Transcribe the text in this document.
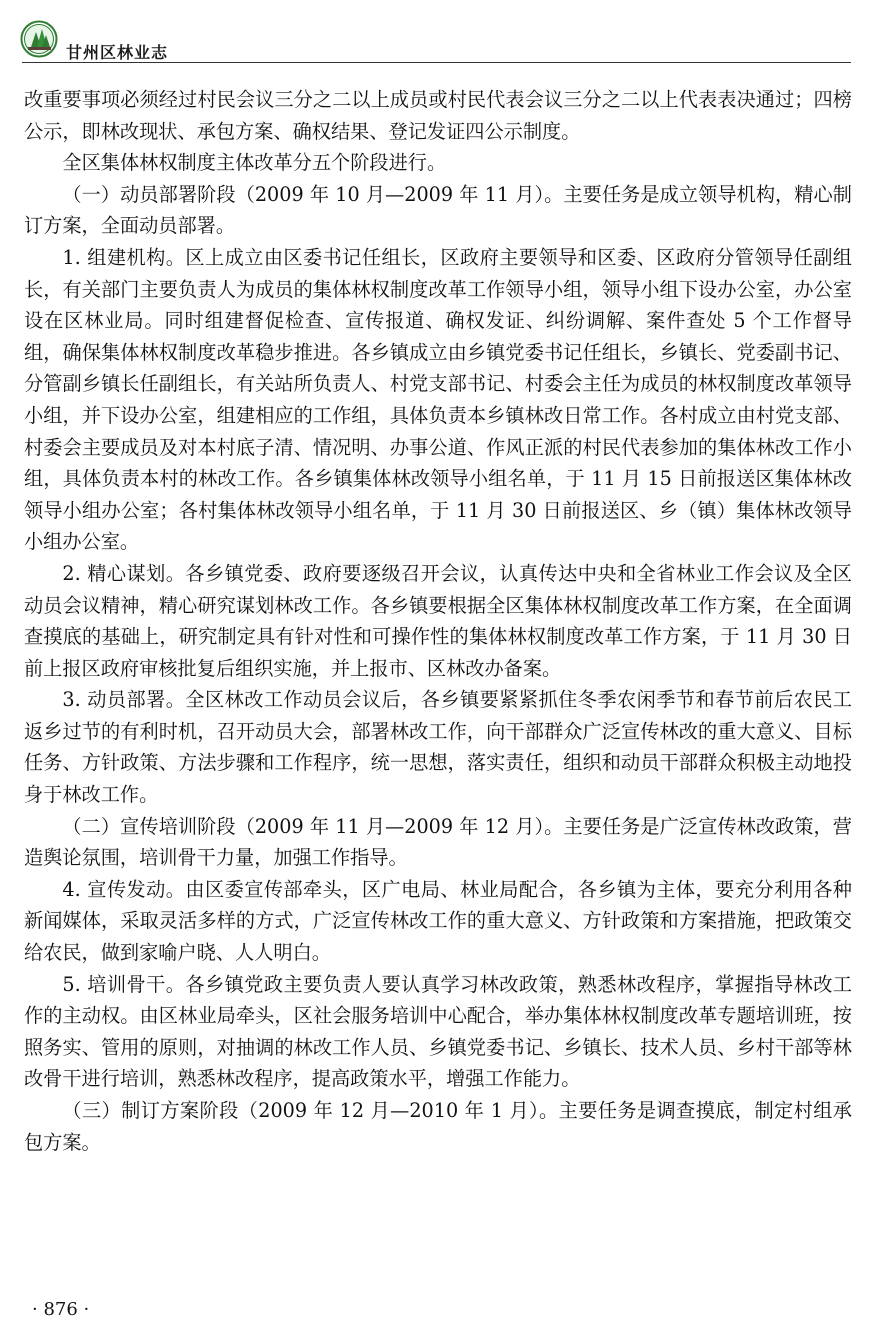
甘州区林业志

改重要事项必须经过村民会议三分之二以上成员或村民代表会议三分之二以上代表表决通过；四榜公示，即林改现状、承包方案、确权结果、登记发证四公示制度。

全区集体林权制度主体改革分五个阶段进行。

（一）动员部署阶段（2009 年 10 月—2009 年 11 月）。主要任务是成立领导机构，精心制订方案，全面动员部署。

1. 组建机构。区上成立由区委书记任组长，区政府主要领导和区委、区政府分管领导任副组长，有关部门主要负责人为成员的集体林权制度改革工作领导小组，领导小组下设办公室，办公室设在区林业局。同时组建督促检查、宣传报道、确权发证、纠纷调解、案件查处 5 个工作督导组，确保集体林权制度改革稳步推进。各乡镇成立由乡镇党委书记任组长，乡镇长、党委副书记、分管副乡镇长任副组长，有关站所负责人、村党支部书记、村委会主任为成员的林权制度改革领导小组，并下设办公室，组建相应的工作组，具体负责本乡镇林改日常工作。各村成立由村党支部、村委会主要成员及对本村底子清、情况明、办事公道、作风正派的村民代表参加的集体林改工作小组，具体负责本村的林改工作。各乡镇集体林改领导小组名单，于 11 月 15 日前报送区集体林改领导小组办公室；各村集体林改领导小组名单，于 11 月 30 日前报送区、乡（镇）集体林改领导小组办公室。

2. 精心谋划。各乡镇党委、政府要逐级召开会议，认真传达中央和全省林业工作会议及全区动员会议精神，精心研究谋划林改工作。各乡镇要根据全区集体林权制度改革工作方案，在全面调查摸底的基础上，研究制定具有针对性和可操作性的集体林权制度改革工作方案，于 11 月 30 日前上报区政府审核批复后组织实施，并上报市、区林改办备案。

3. 动员部署。全区林改工作动员会议后，各乡镇要紧紧抓住冬季农闲季节和春节前后农民工返乡过节的有利时机，召开动员大会，部署林改工作，向干部群众广泛宣传林改的重大意义、目标任务、方针政策、方法步骤和工作程序，统一思想，落实责任，组织和动员干部群众积极主动地投身于林改工作。

（二）宣传培训阶段（2009 年 11 月—2009 年 12 月）。主要任务是广泛宣传林改政策，营造舆论氛围，培训骨干力量，加强工作指导。

4. 宣传发动。由区委宣传部牵头，区广电局、林业局配合，各乡镇为主体，要充分利用各种新闻媒体，采取灵活多样的方式，广泛宣传林改工作的重大意义、方针政策和方案措施，把政策交给农民，做到家喻户晓、人人明白。

5. 培训骨干。各乡镇党政主要负责人要认真学习林改政策，熟悉林改程序，掌握指导林改工作的主动权。由区林业局牵头，区社会服务培训中心配合，举办集体林权制度改革专题培训班，按照务实、管用的原则，对抽调的林改工作人员、乡镇党委书记、乡镇长、技术人员、乡村干部等林改骨干进行培训，熟悉林改程序，提高政策水平，增强工作能力。

（三）制订方案阶段（2009 年 12 月—2010 年 1 月）。主要任务是调查摸底，制定村组承包方案。

· 876 ·
